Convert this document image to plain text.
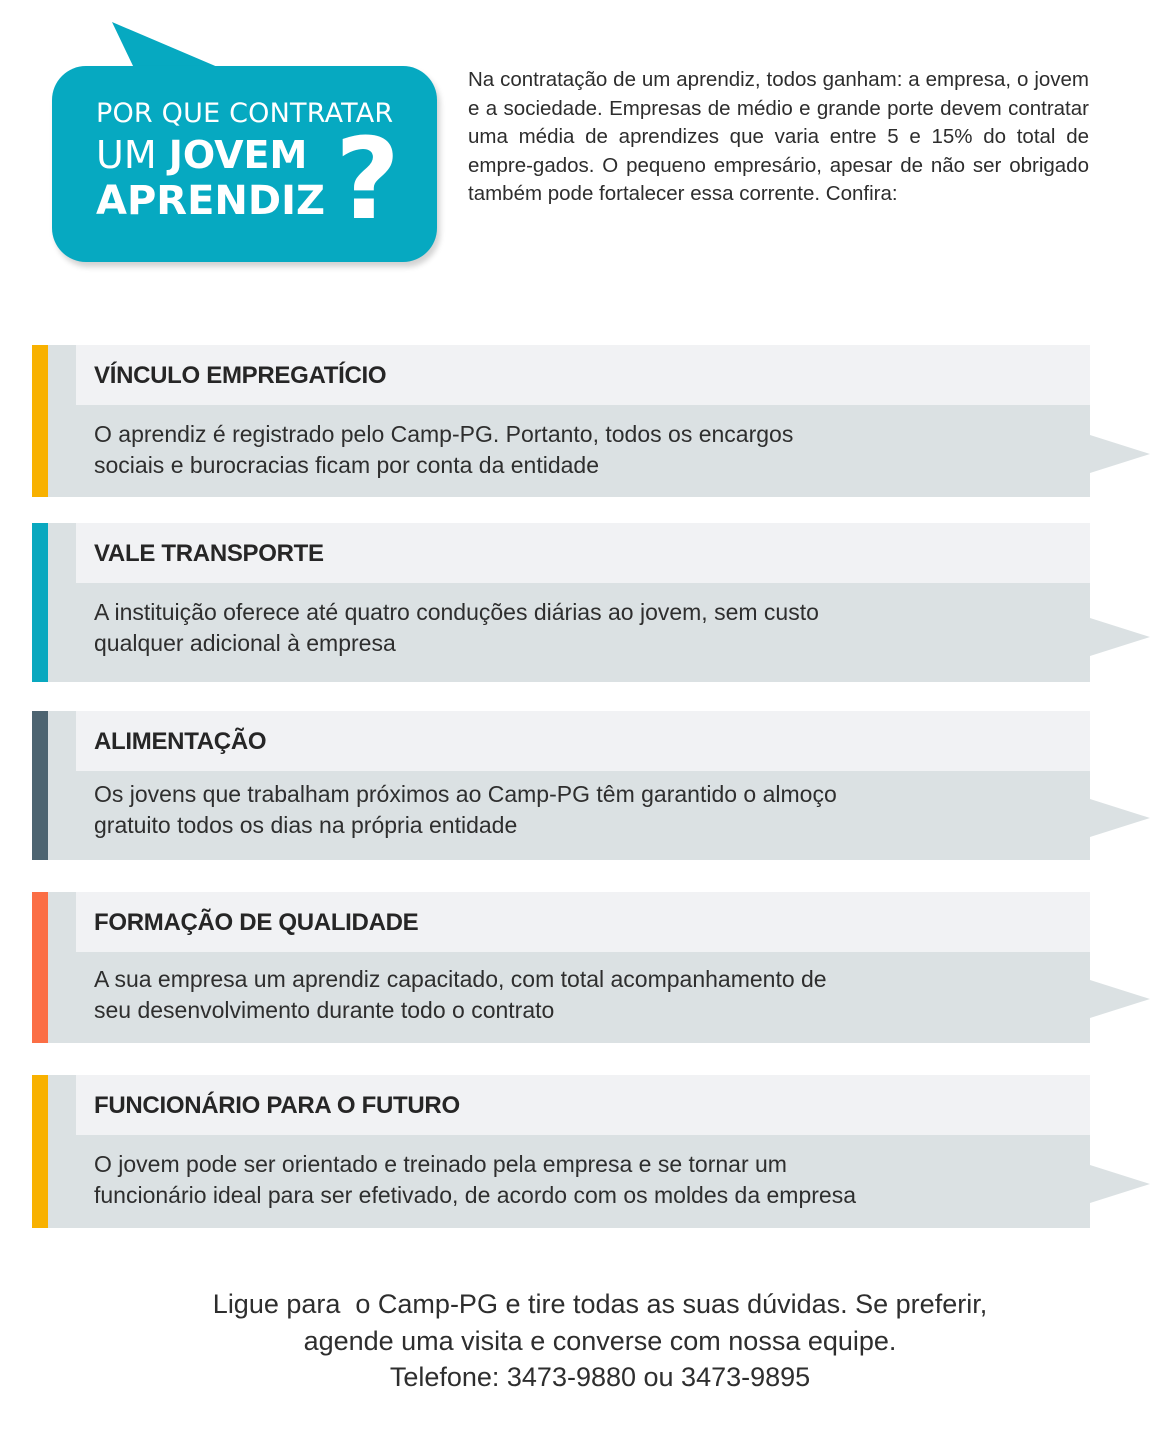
POR QUE CONTRATAR
UM JOVEM
APRENDIZ ?
Na contratação de um aprendiz, todos ganham: a empresa, o jovem e a sociedade. Empresas de médio e grande porte devem contratar uma média de aprendizes que varia entre 5 e 15% do total de empre-gados. O pequeno empresário, apesar de não ser obrigado também pode fortalecer essa corrente. Confira:
VÍNCULO EMPREGATÍCIO
O aprendiz é registrado pelo Camp-PG. Portanto, todos os encargos
sociais e burocracias ficam por conta da entidade
VALE TRANSPORTE
A instituição oferece até quatro conduções diárias ao jovem, sem custo
qualquer adicional à empresa
ALIMENTAÇÃO
Os jovens que trabalham próximos ao Camp-PG têm garantido o almoço
gratuito todos os dias na própria entidade
FORMAÇÃO DE QUALIDADE
A sua empresa um aprendiz capacitado, com total acompanhamento de
seu desenvolvimento durante todo o contrato
FUNCIONÁRIO PARA O FUTURO
O jovem pode ser orientado e treinado pela empresa e se tornar um
funcionário ideal para ser efetivado, de acordo com os moldes da empresa
Ligue para  o Camp-PG e tire todas as suas dúvidas. Se preferir,
agende uma visita e converse com nossa equipe.
Telefone: 3473-9880 ou 3473-9895
